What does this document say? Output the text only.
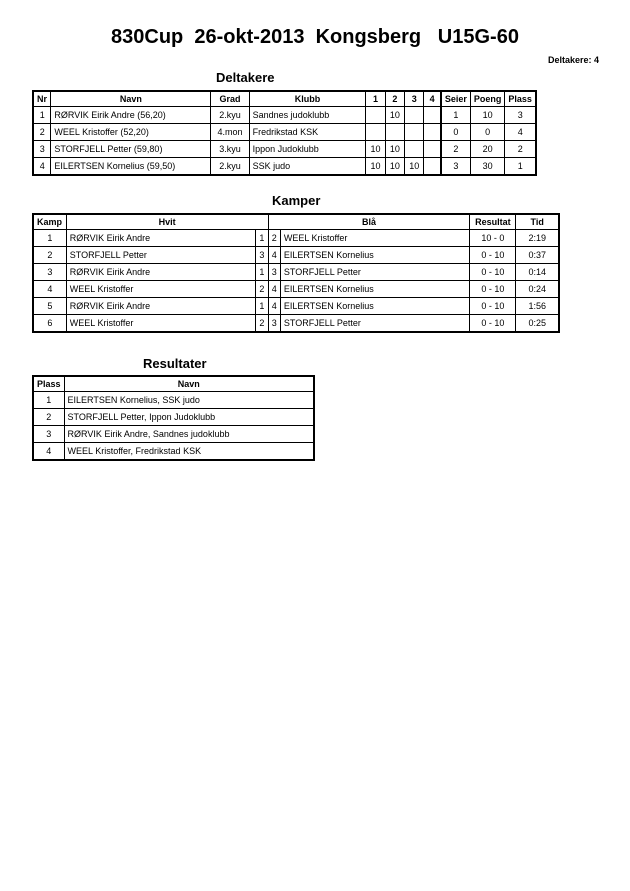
830Cup  26-okt-2013  Kongsberg   U15G-60
Deltakere: 4
Deltakere
Nr	Navn	Grad	Klubb	1	2	3	4	Seier	Poeng	Plass
1	RØRVIK Eirik Andre (56,20)	2.kyu	Sandnes judoklubb		10			1	10	3
2	WEEL Kristoffer (52,20)	4.mon	Fredrikstad KSK					0	0	4
3	STORFJELL Petter (59,80)	3.kyu	Ippon Judoklubb	10	10			2	20	2
4	EILERTSEN Kornelius (59,50)	2.kyu	SSK judo	10	10	10		3	30	1
Kamper
Kamp	Hvit		Blå		Resultat	Tid
1	RØRVIK Eirik Andre	1	2	WEEL Kristoffer	10 - 0	2:19
2	STORFJELL Petter	3	4	EILERTSEN Kornelius	0 - 10	0:37
3	RØRVIK Eirik Andre	1	3	STORFJELL Petter	0 - 10	0:14
4	WEEL Kristoffer	2	4	EILERTSEN Kornelius	0 - 10	0:24
5	RØRVIK Eirik Andre	1	4	EILERTSEN Kornelius	0 - 10	1:56
6	WEEL Kristoffer	2	3	STORFJELL Petter	0 - 10	0:25
Resultater
Plass	Navn
1	EILERTSEN Kornelius, SSK judo
2	STORFJELL Petter, Ippon Judoklubb
3	RØRVIK Eirik Andre, Sandnes judoklubb
4	WEEL Kristoffer, Fredrikstad KSK
